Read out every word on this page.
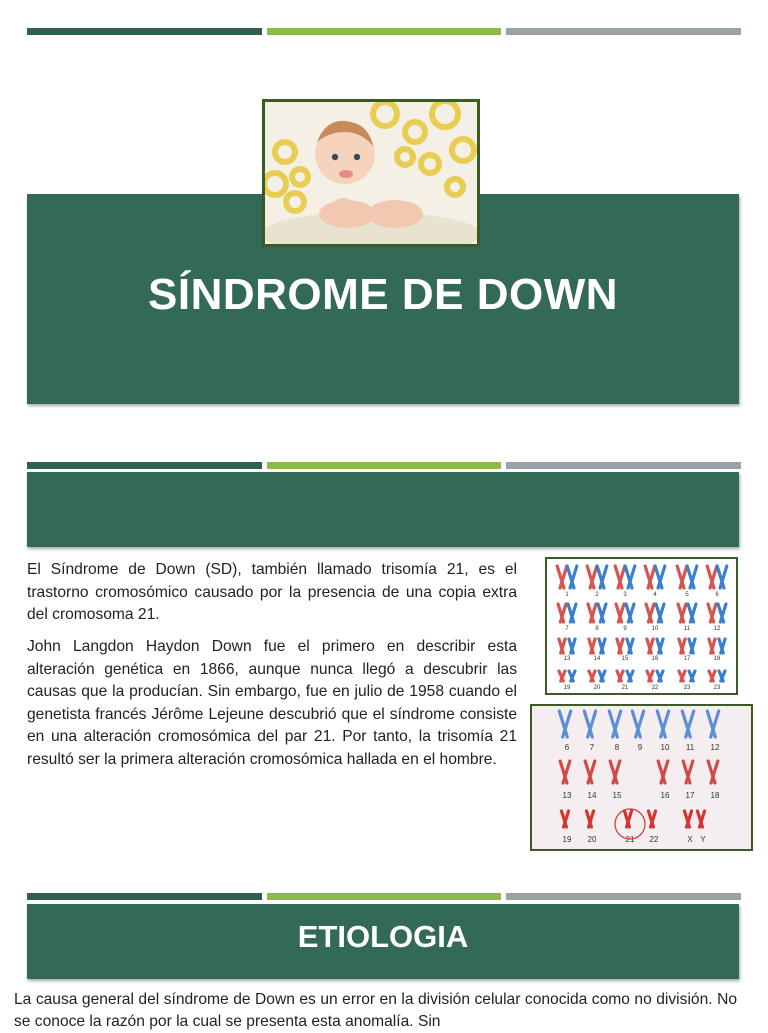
SÍNDROME DE DOWN
El Síndrome de Down (SD), también llamado trisomía 21, es el trastorno cromosómico causado por la presencia de una copia extra del cromosoma 21.
John Langdon Haydon Down fue el primero en describir esta alteración genética en 1866, aunque nunca llegó a descubrir las causas que la producían. Sin embargo, fue en julio de 1958 cuando el genetista francés Jérôme Lejeune descubrió que el síndrome consiste en una alteración cromosómica del par 21. Por tanto, la trisomía 21 resultó ser la primera alteración cromosómica hallada en el hombre.
1	2	3	4	5	6
7	8	9	10	11	12
13	14	15	16	17	18
19	20	21	22	23	23
6	7	8 9 10 11 12
13 14 15	16 17 18
19 20	21 22	X Y
ETIOLOGIA
La causa general del síndrome de Down es un error en la división celular conocida como no división. No se conoce la razón por la cual se presenta esta anomalía. Sin
